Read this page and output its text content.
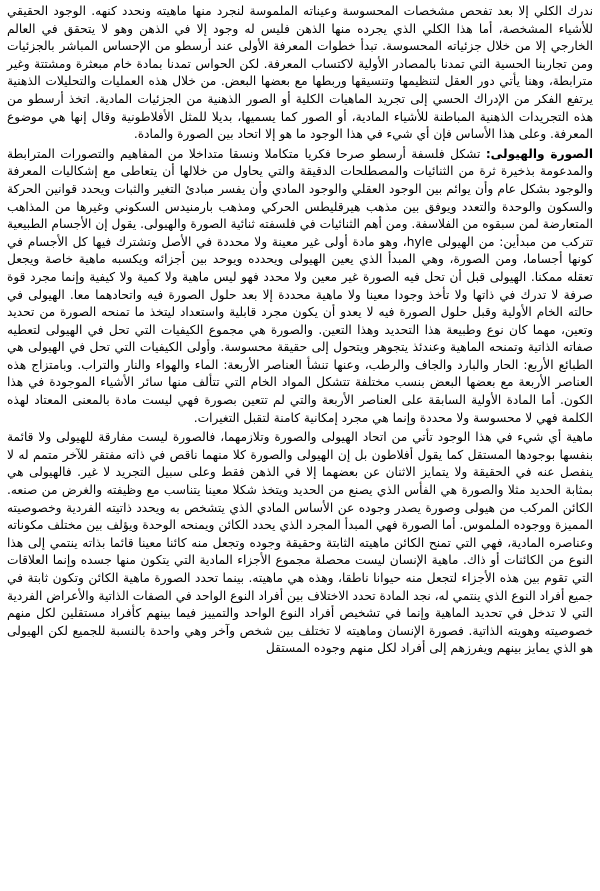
ندرك الكلي إلا بعد تفحص مشخصات المحسوسة وعيناته الملموسة لنجرد منها ماهيته ونحدد كنهه. الوجود الحقيقي للأشياء المشخصة، أما هذا الكلي الذي يجرده منها الذهن فليس له وجود إلا في الذهن وهو لا يتحقق في العالم الخارجي إلا من خلال جزئياته المحسوسة. تبدأ خطوات المعرفة الأولى عند أرسطو من الإحساس المباشر بالجزئيات ومن تجاربنا الحسية التي تمدنا بالمصادر الأولية لاكتساب المعرفة. لكن الحواس تمدنا بمادة خام مبعثرة ومشتتة وغير مترابطة، وهنا يأتي دور العقل لتنظيمها وتنسيقها وربطها مع بعضها البعض. من خلال هذه العمليات والتحليلات الذهنية يرتفع الفكر من الإدراك الحسي إلى تجريد الماهيات الكلية أو الصور الذهنية من الجزئيات المادية. اتخذ أرسطو من هذه التجريدات الذهنية المباطنة للأشياء المادية، أو الصور كما يسميها، بديلا للمثل الأفلاطونية وقال إنها هي موضوع المعرفة. وعلى هذا الأساس فإن أي شيء في هذا الوجود ما هو إلا اتحاد بين الصورة والمادة.

الصورة والهيولى: تشكل فلسفة أرسطو صرحا فكريا متكاملا ونسقا متداخلا من المفاهيم والتصورات المترابطة والمدعومة بذخيرة ثرة من الثنائيات والمصطلحات الدقيقة والتي يحاول من خلالها أن يتعاطى مع إشكاليات المعرفة والوجود بشكل عام وأن يوائم بين الوجود العقلي والوجود المادي وأن يفسر مبادئ التغير والثبات ويحدد قوانين الحركة والسكون والوحدة والتعدد ويوفق بين مذهب هيرقليطس الحركي ومذهب بارمنيدس السكوني وغيرها من المذاهب المتعارضة لمن سبقوه من الفلاسفة. ومن أهم الثنائيات في فلسفته ثنائية الصورة والهيولى. يقول إن الأجسام الطبيعية تتركب من مبدأين: من الهيولى hyle، وهو مادة أولى غير معينة ولا محددة في الأصل وتشترك فيها كل الأجسام في كونها أجساما، ومن الصورة، وهي المبدأ الذي يعين الهيولى ويحدده ويوحد بين أجزائه ويكسبه ماهية خاصة ويجعل تعقله ممكنا. الهيولى قبل أن تحل فيه الصورة غير معين ولا محدد فهو ليس ماهية ولا كمية ولا كيفية وإنما مجرد قوة صرفة لا تدرك في ذاتها ولا تأخذ وجودا معينا ولا ماهية محددة إلا بعد حلول الصورة فيه واتحادهما معا. الهيولى في حالته الخام الأولية وقبل حلول الصورة فيه لا يعدو أن يكون مجرد قابلية واستعداد ليتخذ ما تمنحه الصورة من تحديد وتعين، مهما كان نوع وطبيعة هذا التحديد وهذا التعين. والصورة هي مجموع الكيفيات التي تحل في الهيولى لتعطيه صفاته الذاتية وتمنحه الماهية وعندئذ يتجوهر ويتحول إلى حقيقة محسوسة. وأولى الكيفيات التي تحل في الهيولى هي الطبائع الأربع: الحار والبارد والجاف والرطب، وعنها تنشأ العناصر الأربعة: الماء والهواء والنار والتراب. وبامتزاج هذه العناصر الأربعة مع بعضها البعض بنسب مختلفة تتشكل المواد الخام التي تتألف منها سائر الأشياء الموجودة في هذا الكون. أما المادة الأولية السابقة على العناصر الأربعة والتي لم تتعين بصورة فهي ليست مادة بالمعنى المعتاد لهذه الكلمة فهي لا محسوسة ولا محددة وإنما هي مجرد إمكانية كامنة لتقبل التغيرات.

ماهية أي شيء في هذا الوجود تأتي من اتحاد الهيولى والصورة وتلازمهما، فالصورة ليست مفارقة للهيولى ولا قائمة بنفسها بوجودها المستقل كما يقول أفلاطون بل إن الهيولى والصورة كلا منهما ناقص في ذاته مفتقر للآخر متمم له لا ينفصل عنه في الحقيقة ولا يتمايز الاثنان عن بعضهما إلا في الذهن فقط وعلى سبيل التجريد لا غير. فالهيولى هي بمثابة الحديد مثلا والصورة هي الفأس الذي يصنع من الحديد ويتخذ شكلا معينا يتناسب مع وظيفته والغرض من صنعه. الكائن المركب من هيولى وصورة يصدر وجوده عن الأساس المادي الذي يتشخص به ويحدد ذاتيته الفردية وخصوصيته المميزة ووجوده الملموس. أما الصورة فهي المبدأ المجرد الذي يحدد الكائن ويمنحه الوحدة ويؤلف بين مختلف مكوناته وعناصره المادية، فهي التي تمنح الكائن ماهيته الثابتة وحقيقة وجوده وتجعل منه كائنا معينا قائما بذاته ينتمي إلى هذا النوع من الكائنات أو ذاك. ماهية الإنسان ليست محصلة مجموع الأجزاء المادية التي يتكون منها جسده وإنما العلاقات التي تقوم بين هذه الأجزاء لتجعل منه حيوانا ناطقا، وهذه هي ماهيته. بينما تحدد الصورة ماهية الكائن وتكون ثابتة في جميع أفراد النوع الذي ينتمي له، نجد المادة تحدد الاختلاف بين أفراد النوع الواحد في الصفات الذاتية والأعراض الفردية التي لا تدخل في تحديد الماهية وإنما في تشخيص أفراد النوع الواحد والتمييز فيما بينهم كأفراد مستقلين لكل منهم خصوصيته وهويته الذاتية. فصورة الإنسان وماهيته لا تختلف بين شخص وآخر وهي واحدة بالنسبة للجميع لكن الهيولى هو الذي يمايز بينهم ويفرزهم إلى أفراد لكل منهم وجوده المستقل
